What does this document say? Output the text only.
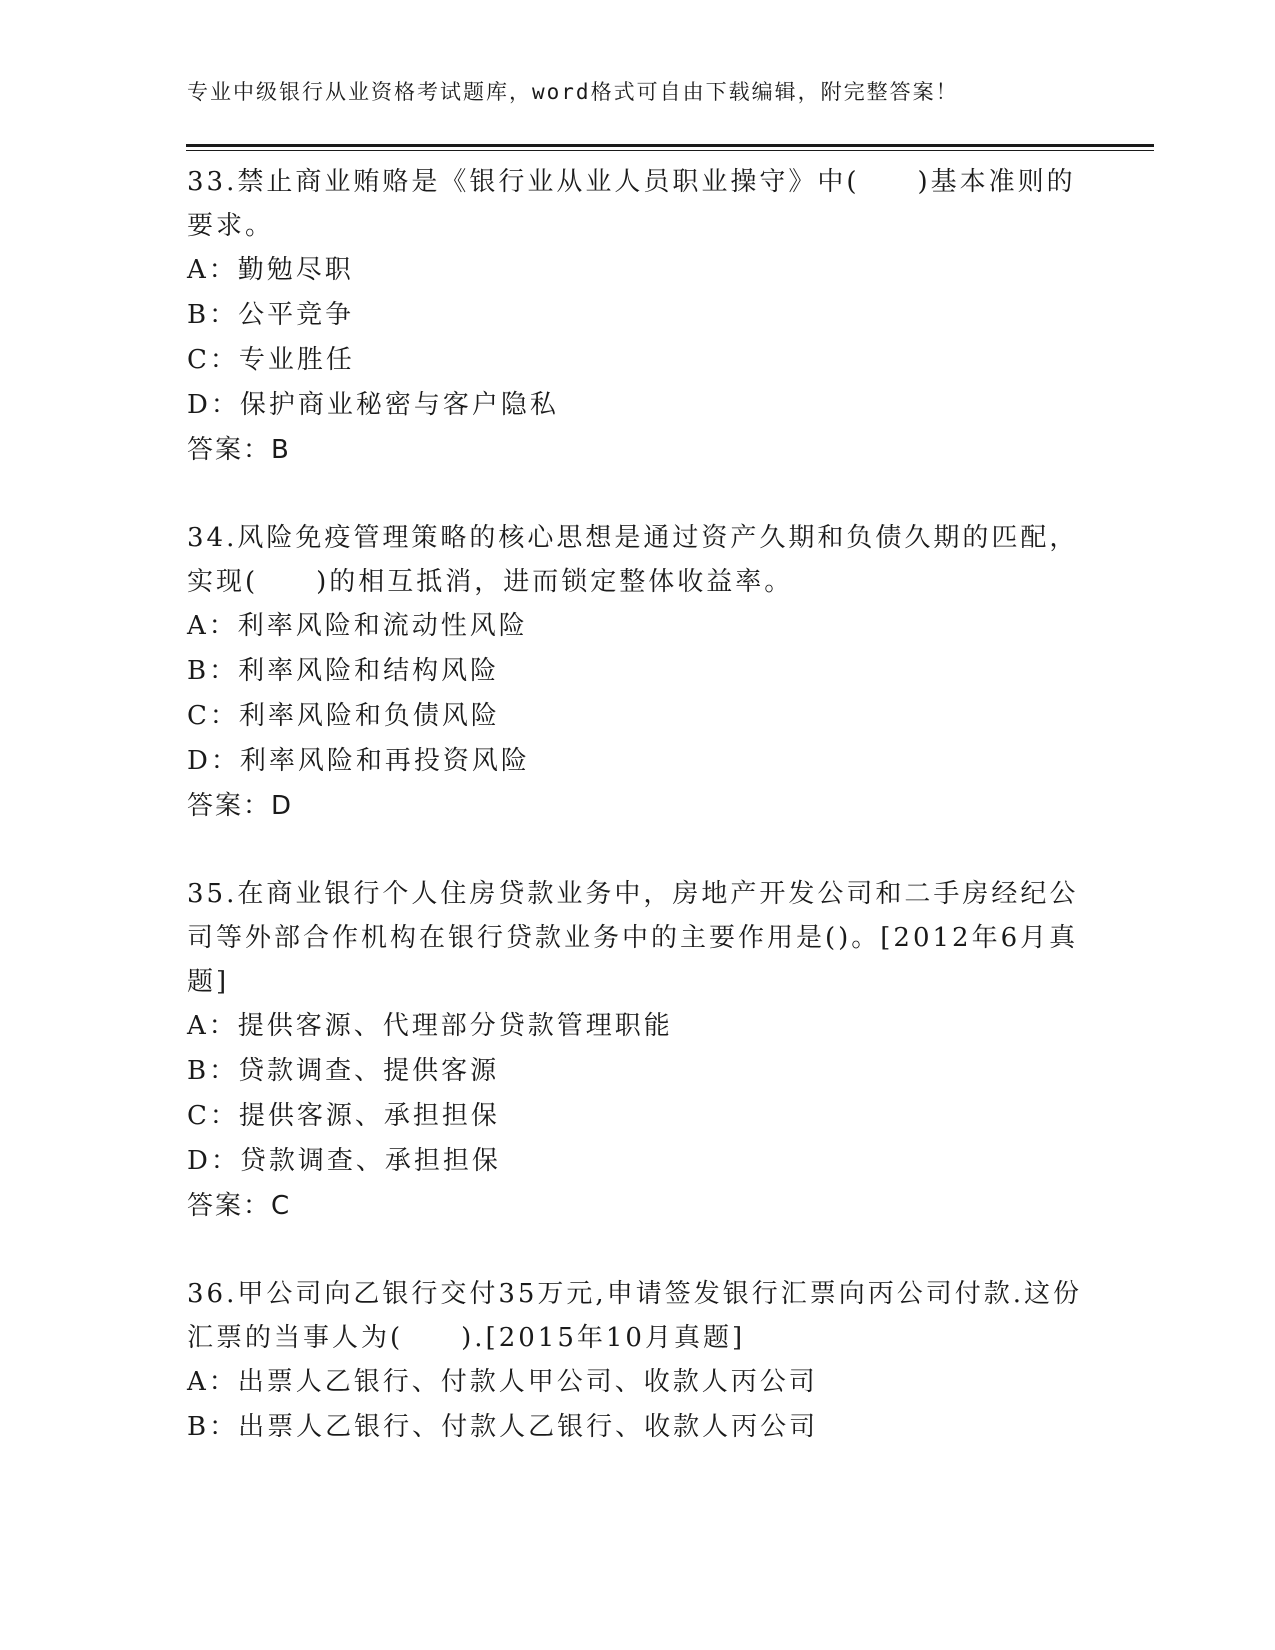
专业中级银行从业资格考试题库，word格式可自由下载编辑，附完整答案！

33.禁止商业贿赂是《银行业从业人员职业操守》中(　　)基本准则的要求。

A：勤勉尽职

B：公平竞争

C：专业胜任

D：保护商业秘密与客户隐私

答案：B

34.风险免疫管理策略的核心思想是通过资产久期和负债久期的匹配，实现(　　)的相互抵消，进而锁定整体收益率。

A：利率风险和流动性风险

B：利率风险和结构风险

C：利率风险和负债风险

D：利率风险和再投资风险

答案：D

35.在商业银行个人住房贷款业务中，房地产开发公司和二手房经纪公司等外部合作机构在银行贷款业务中的主要作用是()。[2012年6月真题]

A：提供客源、代理部分贷款管理职能

B：贷款调查、提供客源

C：提供客源、承担担保

D：贷款调查、承担担保

答案：C

36.甲公司向乙银行交付35万元,申请签发银行汇票向丙公司付款.这份汇票的当事人为(　　).[2015年10月真题]

A：出票人乙银行、付款人甲公司、收款人丙公司

B：出票人乙银行、付款人乙银行、收款人丙公司
